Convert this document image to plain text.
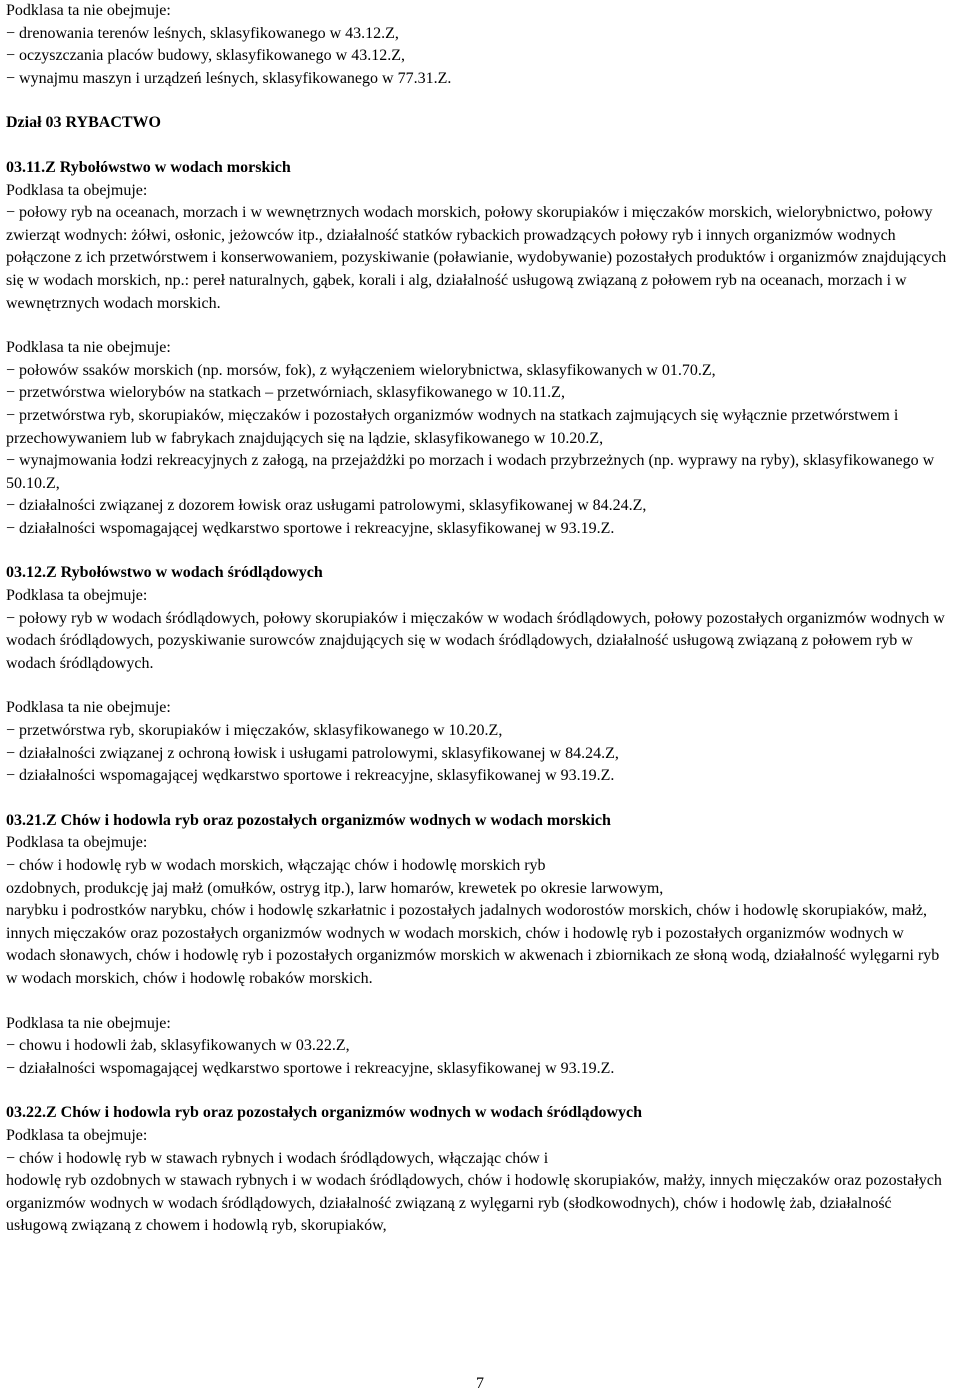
Podklasa ta nie obejmuje:
− drenowania terenów leśnych, sklasyfikowanego w 43.12.Z,
− oczyszczania placów budowy, sklasyfikowanego w 43.12.Z,
− wynajmu maszyn i urządzeń leśnych, sklasyfikowanego w 77.31.Z.
Dział 03 RYBACTWO
03.11.Z Rybołówstwo w wodach morskich
Podklasa ta obejmuje:
− połowy ryb na oceanach, morzach i w wewnętrznych wodach morskich, połowy skorupiaków i mięczaków morskich, wielorybnictwo, połowy zwierząt wodnych: żółwi, osłonic, jeżowców itp., działalność statków rybackich prowadzących połowy ryb i innych organizmów wodnych połączone z ich przetwórstwem i konserwowaniem, pozyskiwanie (poławianie, wydobywanie) pozostałych produktów i organizmów znajdujących się w wodach morskich, np.: pereł naturalnych, gąbek, korali i alg, działalność usługową związaną z połowem ryb na oceanach, morzach i w wewnętrznych wodach morskich.
Podklasa ta nie obejmuje:
− połowów ssaków morskich (np. morsów, fok), z wyłączeniem wielorybnictwa, sklasyfikowanych w 01.70.Z,
− przetwórstwa wielorybów na statkach – przetwórniach, sklasyfikowanego w 10.11.Z,
− przetwórstwa ryb, skorupiaków, mięczaków i pozostałych organizmów wodnych na statkach zajmujących się wyłącznie przetwórstwem i przechowywaniem lub w fabrykach znajdujących się na lądzie, sklasyfikowanego w 10.20.Z,
− wynajmowania łodzi rekreacyjnych z załogą, na przejażdżki po morzach i wodach przybrzeżnych (np. wyprawy na ryby), sklasyfikowanego w 50.10.Z,
− działalności związanej z dozorem łowisk oraz usługami patrolowymi, sklasyfikowanej w 84.24.Z,
− działalności wspomagającej wędkarstwo sportowe i rekreacyjne, sklasyfikowanej w 93.19.Z.
03.12.Z Rybołówstwo w wodach śródlądowych
Podklasa ta obejmuje:
− połowy ryb w wodach śródlądowych, połowy skorupiaków i mięczaków w wodach śródlądowych, połowy pozostałych organizmów wodnych w wodach śródlądowych, pozyskiwanie surowców znajdujących się w wodach śródlądowych, działalność usługową związaną z połowem ryb w wodach śródlądowych.
Podklasa ta nie obejmuje:
− przetwórstwa ryb, skorupiaków i mięczaków, sklasyfikowanego w 10.20.Z,
− działalności związanej z ochroną łowisk i usługami patrolowymi, sklasyfikowanej w 84.24.Z,
− działalności wspomagającej wędkarstwo sportowe i rekreacyjne, sklasyfikowanej w 93.19.Z.
03.21.Z Chów i hodowla ryb oraz pozostałych organizmów wodnych w wodach morskich
Podklasa ta obejmuje:
− chów i hodowlę ryb w wodach morskich, włączając chów i hodowlę morskich ryb
ozdobnych, produkcję jaj małż (omułków, ostryg itp.), larw homarów, krewetek po okresie larwowym,
narybku i podrostków narybku, chów i hodowlę szkarłatnic i pozostałych jadalnych wodorostów morskich, chów i hodowlę skorupiaków, małż, innych mięczaków oraz pozostałych organizmów wodnych w wodach morskich, chów i hodowlę ryb i pozostałych organizmów wodnych w wodach słonawych, chów i hodowlę ryb i pozostałych organizmów morskich w akwenach i zbiornikach ze słoną wodą, działalność wylęgarni ryb w wodach morskich, chów i hodowlę robaków morskich.
Podklasa ta nie obejmuje:
− chowu i hodowli żab, sklasyfikowanych w 03.22.Z,
− działalności wspomagającej wędkarstwo sportowe i rekreacyjne, sklasyfikowanej w 93.19.Z.
03.22.Z Chów i hodowla ryb oraz pozostałych organizmów wodnych w wodach śródlądowych
Podklasa ta obejmuje:
− chów i hodowlę ryb w stawach rybnych i wodach śródlądowych, włączając chów i
hodowlę ryb ozdobnych w stawach rybnych i w wodach śródlądowych, chów i hodowlę skorupiaków, małży, innych mięczaków oraz pozostałych organizmów wodnych w wodach śródlądowych, działalność związaną z wylęgarni ryb (słodkowodnych), chów i hodowlę żab, działalność usługową związaną z chowem i hodowlą ryb, skorupiaków,
7
